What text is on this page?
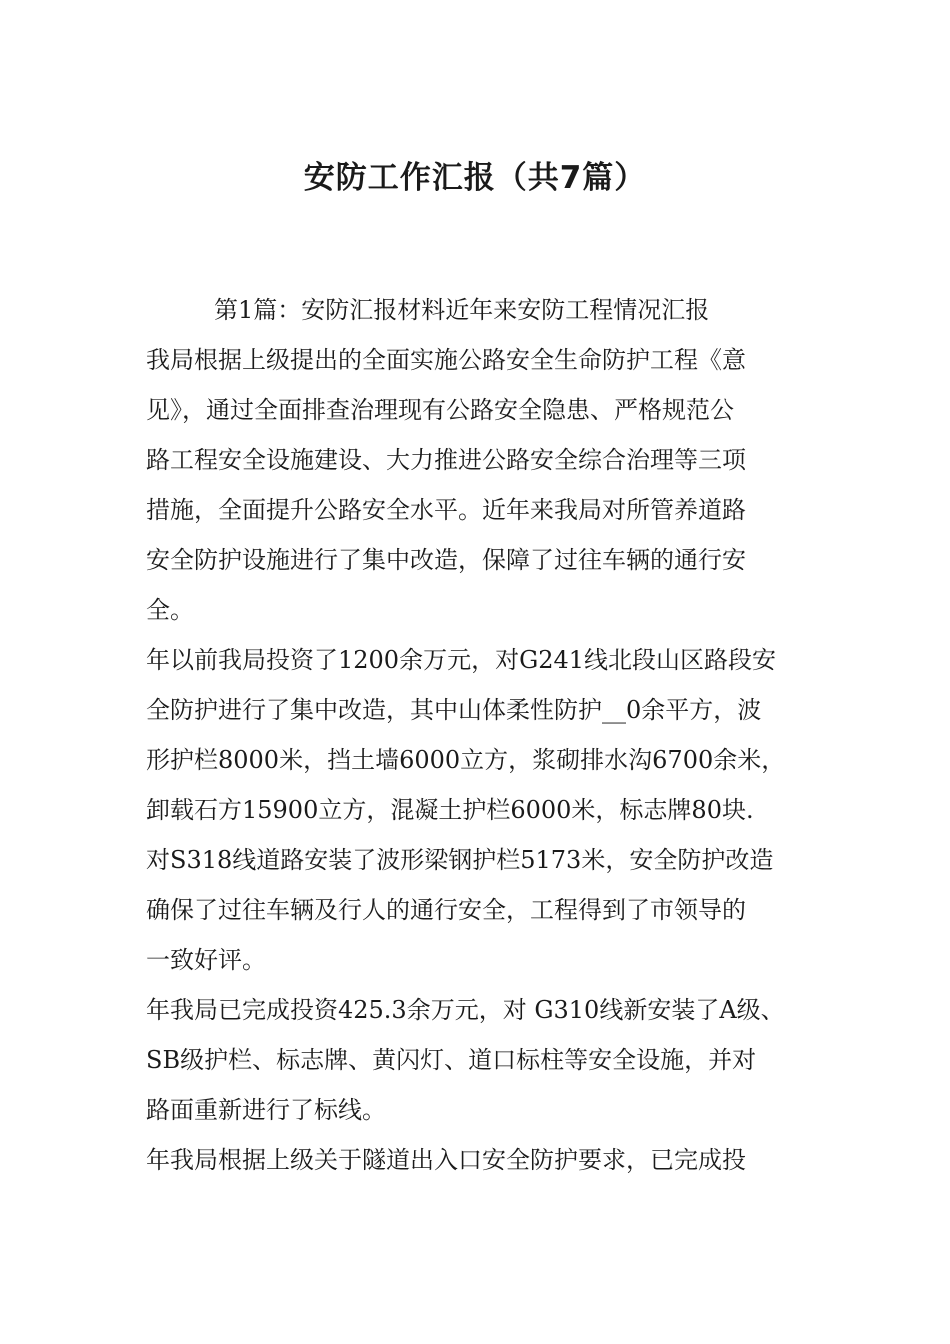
安防工作汇报（共7篇）

第1篇：安防汇报材料近年来安防工程情况汇报

我局根据上级提出的全面实施公路安全生命防护工程《意

见》，通过全面排查治理现有公路安全隐患、严格规范公

路工程安全设施建设、大力推进公路安全综合治理等三项

措施，全面提升公路安全水平。近年来我局对所管养道路

安全防护设施进行了集中改造，保障了过往车辆的通行安

全。

年以前我局投资了1200余万元，对G241线北段山区路段安

全防护进行了集中改造，其中山体柔性防护__0余平方，波

形护栏8000米，挡土墙6000立方，浆砌排水沟6700余米，

卸载石方15900立方，混凝土护栏6000米，标志牌80块.

对S318线道路安装了波形梁钢护栏5173米，安全防护改造

确保了过往车辆及行人的通行安全，工程得到了市领导的

一致好评。

年我局已完成投资425.3余万元，对 G310线新安装了A级、

SB级护栏、标志牌、黄闪灯、道口标柱等安全设施，并对

路面重新进行了标线。

年我局根据上级关于隧道出入口安全防护要求，已完成投
